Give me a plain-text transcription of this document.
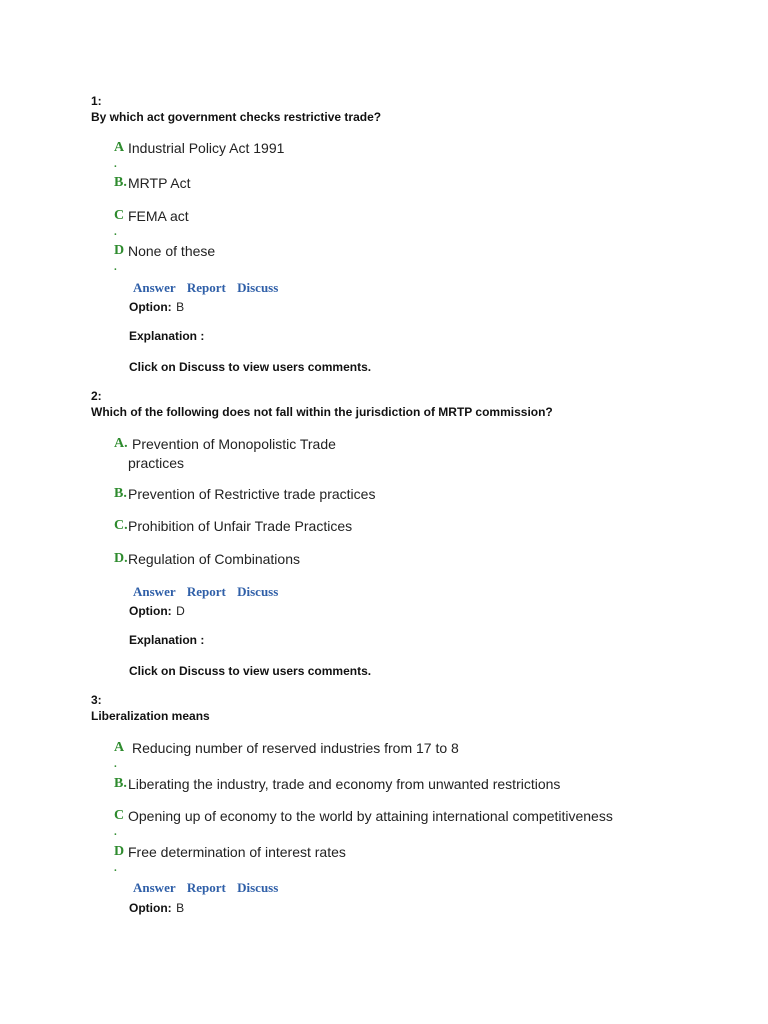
1:
By which act government checks restrictive trade?
A Industrial Policy Act 1991
.
B. MRTP Act
C FEMA act
.
D None of these
.
Answer Report Discuss
Option: B
Explanation :
Click on Discuss to view users comments.
2:
Which of the following does not fall within the jurisdiction of MRTP commission?
A. Prevention of Monopolistic Trade
practices
B. Prevention of Restrictive trade practices
C. Prohibition of Unfair Trade Practices
D. Regulation of Combinations
Answer Report Discuss
Option: D
Explanation :
Click on Discuss to view users comments.
3:
Liberalization means
A Reducing number of reserved industries from 17 to 8
.
B. Liberating the industry, trade and economy from unwanted restrictions
C Opening up of economy to the world by attaining international competitiveness
.
D Free determination of interest rates
.
Answer Report Discuss
Option: B
